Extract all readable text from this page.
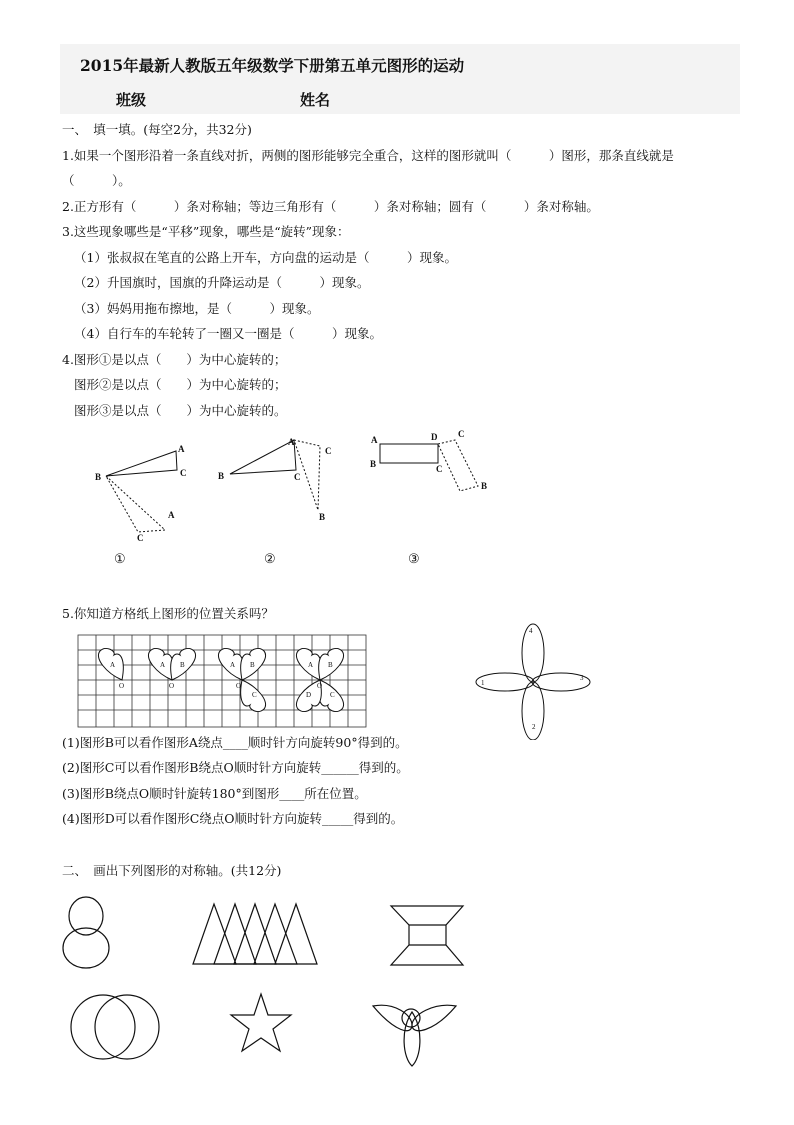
2015年最新人教版五年级数学下册第五单元图形的运动
班级	姓名
一、　填一填。(每空2分，共32分)
1.如果一个图形沿着一条直线对折，两侧的图形能够完全重合，这样的图形就叫（　　　）图形，那条直线就是
（　　　）。
2.正方形有（　　　）条对称轴；等边三角形有（　　　）条对称轴；圆有（　　　）条对称轴。
3.这些现象哪些是“平移”现象，哪些是“旋转”现象：
（1）张叔叔在笔直的公路上开车，方向盘的运动是（　　　）现象。
（2）升国旗时，国旗的升降运动是（　　　）现象。
（3）妈妈用拖布擦地，是（　　　）现象。
（4）自行车的车轮转了一圈又一圈是（　　　）现象。
4.图形①是以点（　　）为中心旋转的；
图形②是以点（　　）为中心旋转的；
图形③是以点（　　）为中心旋转的。
B
A
C
A
C
B
A
C
C
B
A
B
D
C
C
B
①	②	③
5.你知道方格纸上图形的位置关系吗？
A
O
A B
O
A B
C
O
A B
C
D
O
4
1
3
2
(1)图形B可以看作图形A绕点____顺时针方向旋转90°得到的。
(2)图形C可以看作图形B绕点O顺时针方向旋转______得到的。
(3)图形B绕点O顺时针旋转180°到图形____所在位置。
(4)图形D可以看作图形C绕点O顺时针方向旋转_____得到的。
二、　画出下列图形的对称轴。(共12分)
